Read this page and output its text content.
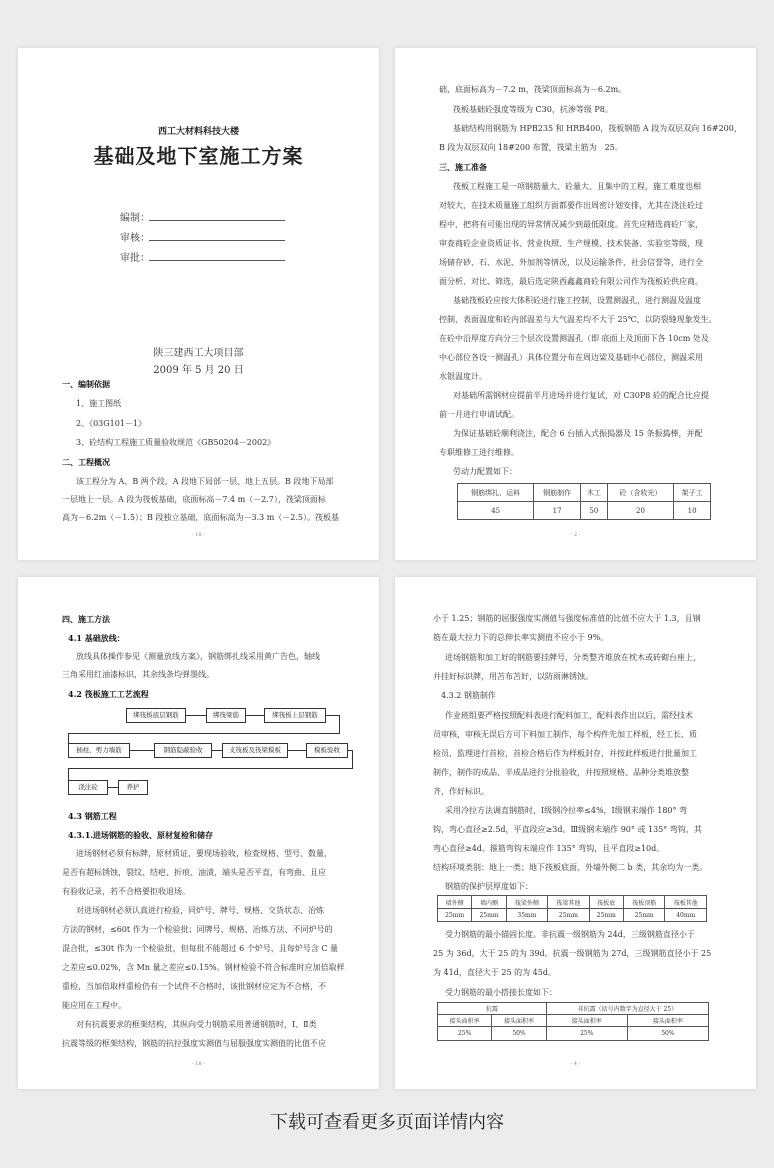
西工大材料科技大楼
基础及地下室施工方案
编制：
审核：
审批：
陕三建西工大项目部
2009 年 5 月 20 日
一、编制依据
1、施工图纸
2、《03G101－1》
3、砼结构工程施工质量验收规范《GB50204－2002》
二、工程概况
该工程分为 A、B 两个段，A 段地下局部一层、地上五层。B 段地下局部
一层地上一层。A 段为筏板基础，底面标高－7.4 m（－2.7），筏梁顶面标
高为－6.2m（－1.5）；B 段独立基础，底面标高为－3.3 m（－2.5）。筏板基
- 18 -
础，底面标高为－7.2 m，筏梁顶面标高为－6.2m。
筏板基础砼强度等级为 C30，抗渗等级 P8。
基础结构用钢筋为 HPB235 和 HRB400，筏板钢筋 A 段为双层双向 16#200，
B 段为双层双向 18#200 布置，筏梁主筋为　25。
三、施工准备
筏板工程施工是一项钢筋量大、砼量大、且集中的工程，施工难度也相
对较大，在技术质量施工组织方面都要作出周密计划安排，尤其在浇注砼过
程中，把将有可能出现的异常情况减少到最低限度。首先应精选商砼厂家，
审查商砼企业资质证书、营业执照、生产规模、技术装备、实验室等级，现
场储存砂、石、水泥、外加剂等情况，以及运输条件、社会信誉等，进行全
面分析、对比、筛选，最后选定陕西鑫鑫商砼有限公司作为筏板砼供应商。
基础筏板砼应按大体积砼进行施工控制，设置测温孔，进行测温及温度
控制，表面温度和砼内部温差与大气温差均不大于 25℃，以防裂缝现象发生。
在砼中沿厚度方向分三个层次设置测温孔（即 底面上及顶面下各 10cm 处及
中心部位各设一测温孔）具体位置分布在周边梁及基础中心部位，测温采用
水银温度计。
对基础所需钢材应提前半月进场并进行复试，对 C30P8 砼的配合比应提
前一月进行申请试配。
为保证基础砼顺利浇注，配合 6 台插入式振捣器及 15 条振捣棒，并配
专职维修工进行维修。
劳动力配置如下：
钢筋绑扎、运料	钢筋制作	木工	砼（含收光）	架子工
45	17	50	20	10
- 2 -
四、施工方法
4.1 基础放线：
放线具体操作参见《测量放线方案》，钢筋绑扎线采用黄广告色，轴线
三角采用红油漆标识，其余线条均弹墨线。
4.2 筏板施工工艺流程
绑筏板底层钢筋	绑筏梁筋	绑筏板上层钢筋
插柱、剪力墙筋	钢筋隐蔽验收	支筏板及筏梁模板	模板验收
浇注砼	养护
4.3 钢筋工程
4.3.1.进场钢筋的验收、原材复检和储存
进场钢材必须有标牌，原材质证，要现场验收，检查规格、型号、数量，
是否有超标锈蚀，裂纹、结疤、折痕、油渍，端头是否平直，有弯曲、且应
有验收记录，若不合格要拒收退场。
对进场钢材必须认真进行检验，同炉号、牌号、规格、交货状态、冶炼
方法的钢材，≤60t 作为一个检验批；同牌号、规格、冶炼方法、不同炉号的
混合批，≤30t 作为一个检验批，但每批不能超过 6 个炉号，且每炉号含 C 量
之差应≤0.02%，含 Mn 量之差应≤0.15%。钢材检验不符合标准时应加倍取样
重检，当加倍取样重检仍有一个试件不合格时，该批钢材应定为不合格，不
能应用在工程中。
对有抗震要求的框架结构，其纵向受力钢筋采用普通钢筋时，Ⅰ、Ⅱ类
抗震等级的框架结构，钢筋的抗拉强度实测值与屈服强度实测值的比值不应
- 18 -
小于 1.25；钢筋的屈服强度实测值与强度标准值的比值不应大于 1.3，且钢
筋在最大拉力下的总伸长率实测值不应小于 9%。
进场钢筋和加工好的钢筋要挂牌号，分类整齐堆放在枕木或砖砌台座上，
并挂好标识牌，用苫布苫好，以防雨淋锈蚀。
4.3.2 钢筋制作
作业班组要严格按照配料表进行配料加工，配料表作出以后，需经技术
员审核，审核无误后方可下料加工制作，每个构件先加工样板，经工长、质
检员、监理进行首检，首检合格后作为样板封存，并按此样板进行批量加工
制作，制作的成品、半成品进行分批验收，并按照规格、品种分类堆放整
齐，作好标识。
采用冷拉方法调直钢筋时，Ⅰ级钢冷拉率≤4%，Ⅰ级钢末端作 180° 弯
钩，弯心直径≥2.5d，平直段应≥3d。Ⅲ级钢末端作 90° 或 135° 弯钩，其
弯心直径≥4d。箍筋弯钩末端应作 135° 弯钩，且平直段≥10d。
结构环境类别：地上一类；地下筏板底面、外墙外侧二 b 类，其余均为一类。
钢筋的保护层厚度如下：
墙外侧	墙内侧	筏梁外侧	筏梁其他	筏板底	筏板顶筋	筏板其他
25mm	25mm	35mm	25mm	25mm	25mm	40mm
受力钢筋的最小锚固长度。非抗震一级钢筋为 24d，三级钢筋直径小于
25 为 36d，大于 25 的为 39d。抗震一级钢筋为 27d，三级钢筋直径小于 25
为 41d，直径大于 25 的为 45d。
受力钢筋的最小搭接长度如下：
抗震		非抗震（括号内数字为直径大于 25）	
接头面积率	接头面积率	接头面积率	接头面积率
25%	50%	25%	50%
- 4 -
下载可查看更多页面详情内容
